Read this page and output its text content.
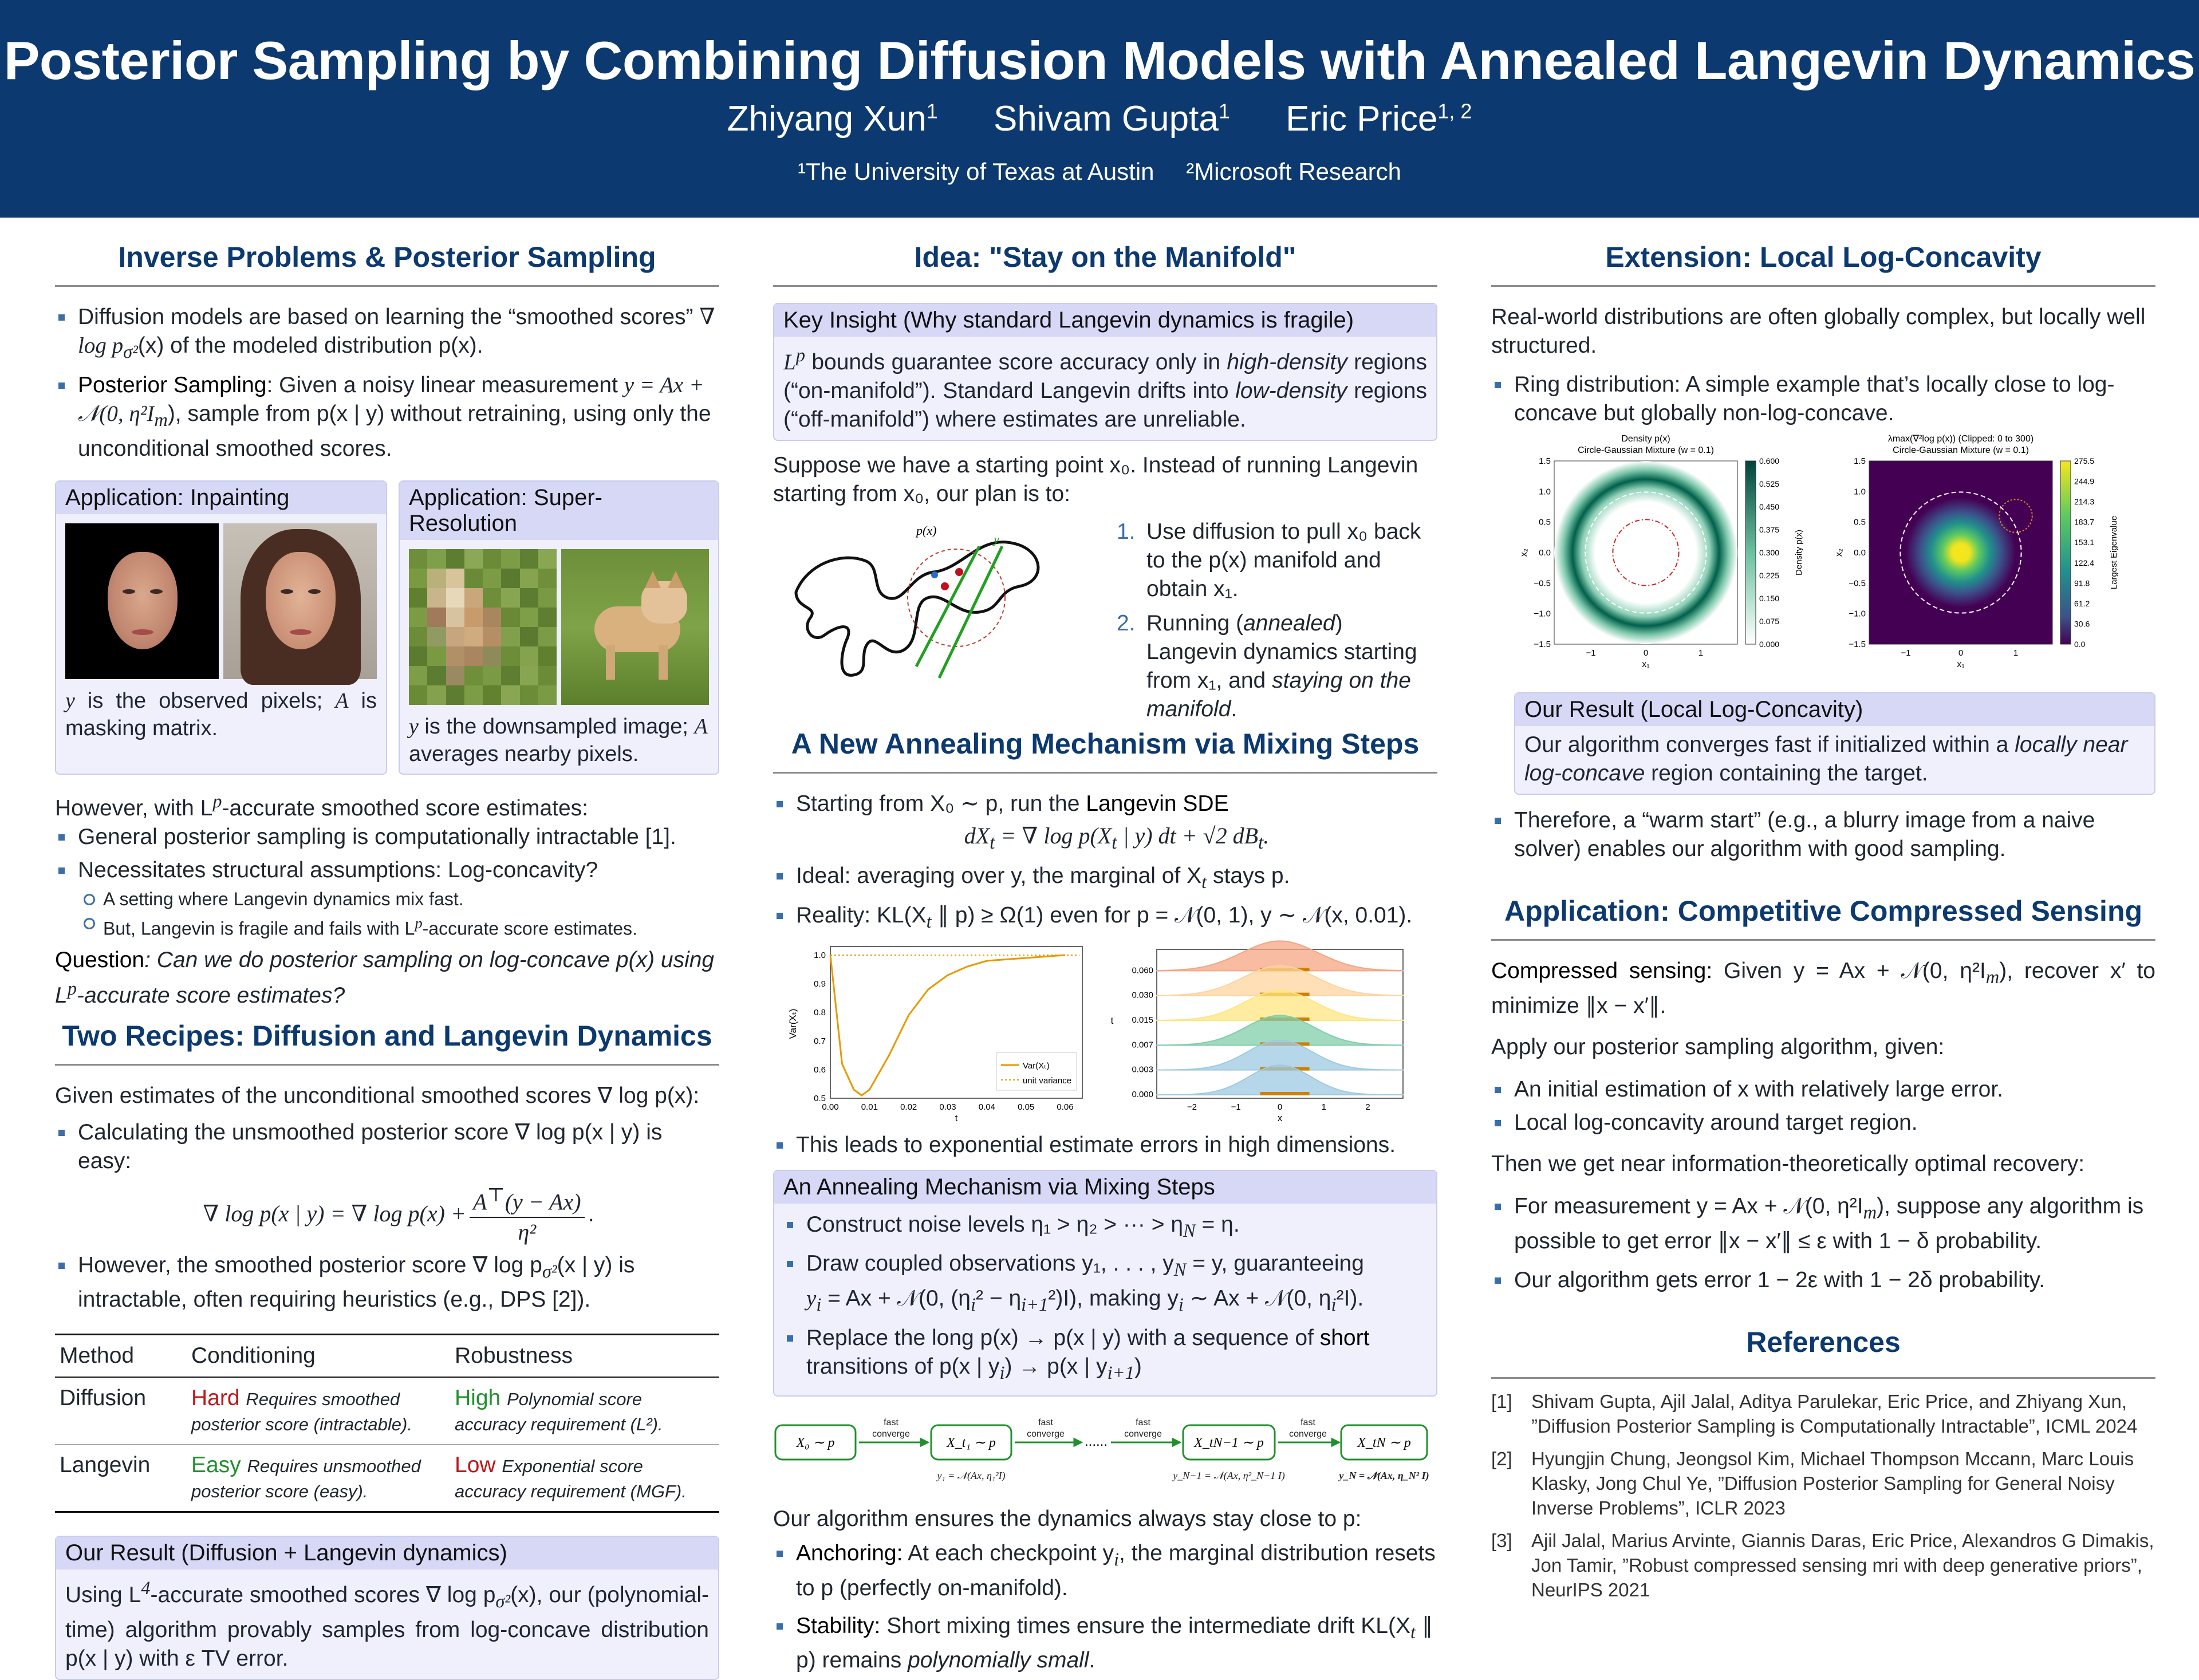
Posterior Sampling by Combining Diffusion Models with Annealed Langevin Dynamics
Zhiyang Xun$^1$ Shivam Gupta$^1$ Eric Price$^{1, 2}$
¹The University of Texas at Austin ²Microsoft Research
Inverse Problems & Posterior Sampling
Diffusion models are based on learning the “smoothed scores” ∇ $\log p_{\sigma^2}(x)$ of the modeled distribution p(x).
Posterior Sampling: Given a noisy linear measurement y = Ax + 𝒩(0, $\eta^2I_m$), sample from p(x | y) without retraining, using only the unconditional smoothed scores.
Application: Inpainting
y is the observed pixels; A is masking matrix.
Application: Super-Resolution
y is the downsampled image; A averages nearby pixels.
However, with $L^p$-accurate smoothed score estimates:
General posterior sampling is computationally intractable [1].
Necessitates structural assumptions: Log-concavity?
A setting where Langevin dynamics mix fast.
But, Langevin is fragile and fails with $L^p$-accurate score estimates.
Question: Can we do posterior sampling on log-concave p(x) using $L^p$-accurate score estimates?
Two Recipes: Diffusion and Langevin Dynamics
Given estimates of the unconditional smoothed scores ∇ log p(x):
Calculating the unsmoothed posterior score ∇ log p(x | y) is easy:
∇ log p(x | y) = ∇ $\log p(x) + \frac{A^⊤(y - Ax)}{\text{η²}}$ .
However, the smoothed posterior score ∇ $\log p_{\sigma^2}(x$ | y) is intractable, often requiring heuristics (e.g., DPS [2]).
Method	Conditioning	Robustness
Diffusion	Hard Requires smoothed posterior score (intractable).	High Polynomial score accuracy requirement (L²).
Langevin	Easy Requires unsmoothed posterior score (easy).	Low Exponential score accuracy requirement (MGF).
Our Result (Diffusion + Langevin dynamics)
Using $L^4$-accurate smoothed scores ∇ $\log p_{\sigma^2}(x)$, our (polynomial-time) algorithm provably samples from log-concave distribution p(x | y) with ε TV error.
Idea: "Stay on the Manifold"
Key Insight (Why standard Langevin dynamics is fragile)
$L^p$ bounds guarantee score accuracy only in high-density regions (“on-manifold”). Standard Langevin drifts into low-density regions (“off-manifold”) where estimates are unreliable.
Suppose we have a starting point x₀. Instead of running Langevin starting from x₀, our plan is to:
p(x)
y	1. Use diffusion to pull x₀ back to the p(x) manifold and obtain x₁.
2. Running (annealed) Langevin dynamics starting from x₁, and staying on the manifold.
A New Annealing Mechanism via Mixing Steps
Starting from X₀ ∼ p, run the Langevin SDE
$dX_t$ = ∇ $\log p(X_t$ | y) dt + √2 $dB_t$.
Ideal: averaging over y, the marginal of $X_t$ stays p.
Reality: $KL(X_t$ ∥ p) ≥ Ω(1) even for p = 𝒩(0, 1), y ∼ 𝒩(x, 0.01).
0.00	0.01	0.02	0.03	0.04	0.05	0.06
0.5
0.6
0.7
0.8
0.9
1.0
t
Var(Xₜ)
Var(Xₜ)
unit variance
0.060
0.030
0.015
0.007
0.003
0.000
−2	−1	0	1	2
x
t
This leads to exponential estimate errors in high dimensions.
An Annealing Mechanism via Mixing Steps
Construct noise levels η₁ > η₂ > ··· > $\eta_N = \eta$.
Draw coupled observations y₁, . . . , $y_N = y$, guaranteeing
$y_i = Ax$ + 𝒩(0, $(\eta_i^2 - \eta_{i+1}^2)I$), making $y_i$ ∼ Ax + 𝒩(0, $\eta_i^2I$).
Replace the long p(x) → p(x | y) with a sequence of short transitions of p(x | $y_i) \to p(x$ | $y_{i+1}$)
X₀ ∼ p	X_t₁ ∼ p	X_tN−1 ∼ p	X_tN ∼ p
fast
converge
fast
converge
fast
converge
fast
converge
......
y₁ = 𝒩(Ax, η₁²I)	y_N−1 = 𝒩(Ax, η²_N−1 I)	y_N = 𝒩(Ax, η_N² I)
Our algorithm ensures the dynamics always stay close to p:
Anchoring: At each checkpoint $y_i$, the marginal distribution resets to p (perfectly on-manifold).
Stability: Short mixing times ensure the intermediate drift $KL(X_t$ ∥ p) remains polynomially small.
Extension: Local Log-Concavity
Real-world distributions are often globally complex, but locally well structured.
Ring distribution: A simple example that’s locally close to log-concave but globally non-log-concave.
Density p(x)
Circle-Gaussian Mixture (w = 0.1)
1.5
1.0
0.5
0.0
−0.5
−1.0
−1.5
−1	0	1
x₁
x₂
0.600
0.525
0.450
0.375
0.300
0.225
0.150
0.075
0.000
Density p(x)
λmax(∇²log p(x)) (Clipped: 0 to 300)
Circle-Gaussian Mixture (w = 0.1)
1.5
1.0
0.5
0.0
−0.5
−1.0
−1.5
−1	0	1
x₁
x₂
275.5
244.9
214.3
183.7
153.1
122.4
91.8
61.2
30.6
0.0
Largest Eigenvalue
Our Result (Local Log-Concavity)
Our algorithm converges fast if initialized within a locally near log-concave region containing the target.
Therefore, a “warm start” (e.g., a blurry image from a naive solver) enables our algorithm with good sampling.
Application: Competitive Compressed Sensing
Compressed sensing: Given y = Ax + 𝒩(0, $\eta^2I_m$), recover x′ to minimize ∥x − x′∥.
Apply our posterior sampling algorithm, given:
An initial estimation of x with relatively large error.
Local log-concavity around target region.
Then we get near information-theoretically optimal recovery:
For measurement y = Ax + 𝒩(0, $\eta^2I_m$), suppose any algorithm is possible to get error ∥x − x′∥ ≤ ε with 1 − δ probability.
Our algorithm gets error 1 − 2ε with 1 − 2δ probability.
References
[1]	Shivam Gupta, Ajil Jalal, Aditya Parulekar, Eric Price, and Zhiyang Xun, ”Diffusion Posterior Sampling is Computationally Intractable”, ICML 2024
[2]	Hyungjin Chung, Jeongsol Kim, Michael Thompson Mccann, Marc Louis Klasky, Jong Chul Ye, ”Diffusion Posterior Sampling for General Noisy Inverse Problems”, ICLR 2023
[3]	Ajil Jalal, Marius Arvinte, Giannis Daras, Eric Price, Alexandros G Dimakis, Jon Tamir, ”Robust compressed sensing mri with deep generative priors”, NeurIPS 2021
